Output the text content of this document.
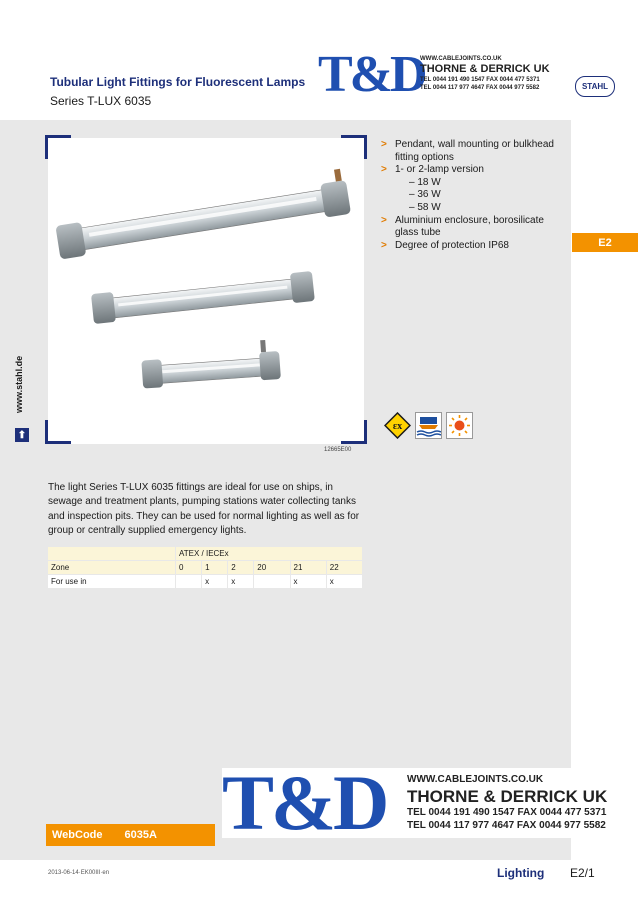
Tubular Light Fittings for Fluorescent Lamps
Series T-LUX 6035	T&D
WWW.CABLEJOINTS.CO.UK
THORNE & DERRICK UK
TEL 0044 191 490 1547 FAX 0044 477 5371
TEL 0044 117 977 4647 FAX 0044 977 5582	STAHL
12665E00
www.stahl.de
⬆
> Pendant, wall mounting or bulkhead fitting options
> 1- or 2-lamp version
– 18 W
– 36 W
– 58 W
> Aluminium enclosure, borosilicate glass tube
> Degree of protection IP68	E2
εx

The light Series T-LUX 6035 fittings are ideal for use on ships, in sewage and treatment plants, pumping stations water collecting tanks and inspection pits. They can be used for normal lighting as well as for group or centrally supplied emergency lights.

	ATEX / IECEx					
Zone	0	1	2	20	21	22
For use in		x	x		x	x
T&D	WWW.CABLEJOINTS.CO.UK
THORNE & DERRICK UK
TEL 0044 191 490 1547 FAX 0044 477 5371
TEL 0044 117 977 4647 FAX 0044 977 5582
WebCode 6035A
2013-06-14·EK00III·en	Lighting E2/1
